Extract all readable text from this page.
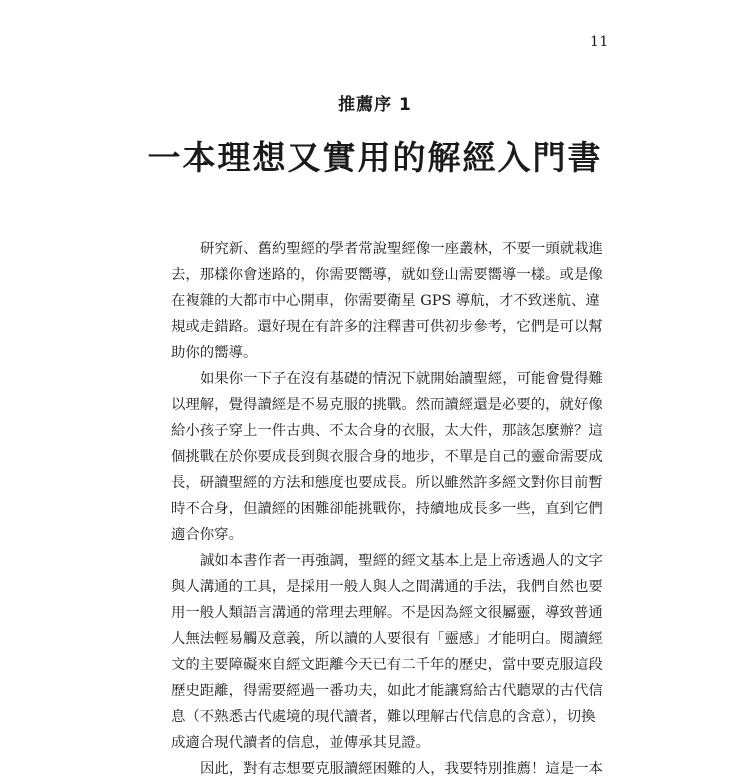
11
推薦序 1
一本理想又實用的解經入門書
研究新、舊約聖經的學者常說聖經像一座叢林，不要一頭就栽進
去，那樣你會迷路的，你需要嚮導，就如登山需要嚮導一樣。或是像
在複雜的大都市中心開車，你需要衛星 GPS 導航，才不致迷航、違
規或走錯路。還好現在有許多的注釋書可供初步參考，它們是可以幫
助你的嚮導。
如果你一下子在沒有基礎的情況下就開始讀聖經，可能會覺得難
以理解，覺得讀經是不易克服的挑戰。然而讀經還是必要的，就好像
給小孩子穿上一件古典、不太合身的衣服，太大件，那該怎麼辦？這
個挑戰在於你要成長到與衣服合身的地步，不單是自己的靈命需要成
長，研讀聖經的方法和態度也要成長。所以雖然許多經文對你目前暫
時不合身，但讀經的困難卻能挑戰你，持續地成長多一些，直到它們
適合你穿。
誠如本書作者一再強調，聖經的經文基本上是上帝透過人的文字
與人溝通的工具，是採用一般人與人之間溝通的手法，我們自然也要
用一般人類語言溝通的常理去理解。不是因為經文很屬靈，導致普通
人無法輕易觸及意義，所以讀的人要很有「靈感」才能明白。閱讀經
文的主要障礙來自經文距離今天已有二千年的歷史，當中要克服這段
歷史距離，得需要經過一番功夫，如此才能讓寫給古代聽眾的古代信
息（不熟悉古代處境的現代讀者，難以理解古代信息的含意），切換
成適合現代讀者的信息，並傳承其見證。
因此，對有志想要克服讀經困難的人，我要特別推薦！這是一本
